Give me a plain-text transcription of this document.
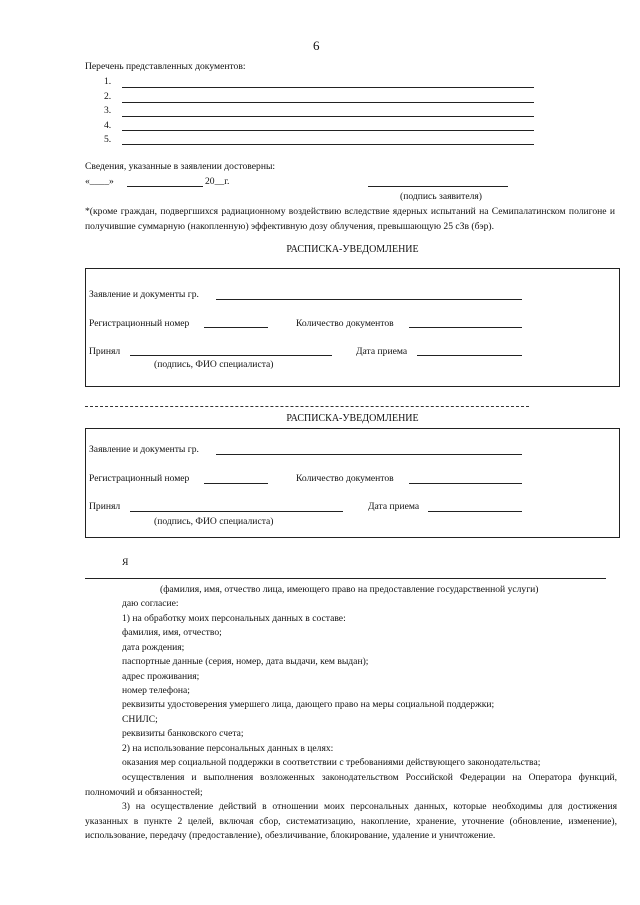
6
Перечень представленных документов:
1.
2.
3.
4.
5.
Сведения, указанные в заявлении достоверны:
«____»	20__г.
(подпись заявителя)
*(кроме граждан, подвергшихся радиационному воздействию вследствие ядерных испытаний на Семипалатинском полигоне и получившие суммарную (накопленную) эффективную дозу облучения, превышающую 25 сЗв (бэр).
РАСПИСКА-УВЕДОМЛЕНИЕ
Заявление и документы гр.
Регистрационный номер	Количество документов
Принял	Дата приема
(подпись, ФИО специалиста)
РАСПИСКА-УВЕДОМЛЕНИЕ
Заявление и документы гр.
Регистрационный номер	Количество документов
Принял	Дата приема
(подпись, ФИО специалиста)
Я
(фамилия, имя, отчество лица, имеющего право на предоставление государственной услуги)
даю согласие:
1) на обработку моих персональных данных в составе:
фамилия, имя, отчество;
дата рождения;
паспортные данные (серия, номер, дата выдачи, кем выдан);
адрес проживания;
номер телефона;
реквизиты удостоверения умершего лица, дающего право на меры социальной поддержки;
СНИЛС;
реквизиты банковского счета;
2) на использование персональных данных в целях:
оказания мер социальной поддержки в соответствии с требованиями действующего законодательства;
осуществления и выполнения возложенных законодательством Российской Федерации на Оператора функций, полномочий и обязанностей;
3) на осуществление действий в отношении моих персональных данных, которые необходимы для достижения указанных в пункте 2 целей, включая сбор, систематизацию, накопление, хранение, уточнение (обновление, изменение), использование, передачу (предоставление), обезличивание, блокирование, удаление и уничтожение.
